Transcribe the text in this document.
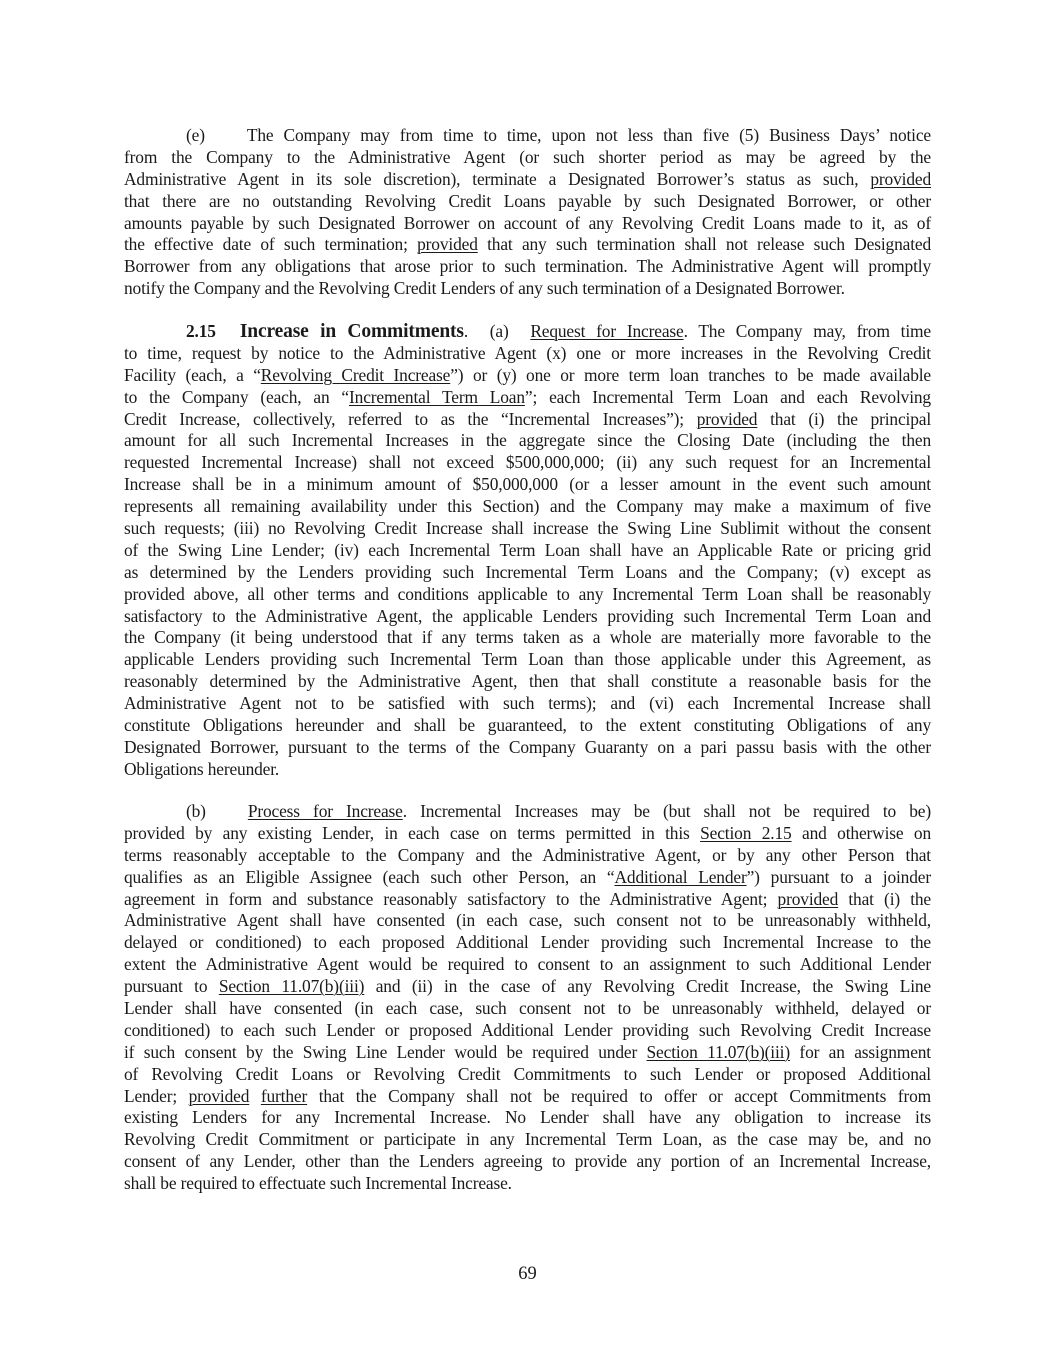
(e) The Company may from time to time, upon not less than five (5) Business Days’ notice
from the Company to the Administrative Agent (or such shorter period as may be agreed by the
Administrative Agent in its sole discretion), terminate a Designated Borrower’s status as such, provided
that there are no outstanding Revolving Credit Loans payable by such Designated Borrower, or other
amounts payable by such Designated Borrower on account of any Revolving Credit Loans made to it, as of
the effective date of such termination; provided that any such termination shall not release such Designated
Borrower from any obligations that arose prior to such termination. The Administrative Agent will promptly
notify the Company and the Revolving Credit Lenders of any such termination of a Designated Borrower.
2.15 Increase in Commitments. (a) Request for Increase. The Company may, from time
to time, request by notice to the Administrative Agent (x) one or more increases in the Revolving Credit
Facility (each, a “Revolving Credit Increase”) or (y) one or more term loan tranches to be made available
to the Company (each, an “Incremental Term Loan”; each Incremental Term Loan and each Revolving
Credit Increase, collectively, referred to as the “Incremental Increases”); provided that (i) the principal
amount for all such Incremental Increases in the aggregate since the Closing Date (including the then
requested Incremental Increase) shall not exceed $500,000,000; (ii) any such request for an Incremental
Increase shall be in a minimum amount of $50,000,000 (or a lesser amount in the event such amount
represents all remaining availability under this Section) and the Company may make a maximum of five
such requests; (iii) no Revolving Credit Increase shall increase the Swing Line Sublimit without the consent
of the Swing Line Lender; (iv) each Incremental Term Loan shall have an Applicable Rate or pricing grid
as determined by the Lenders providing such Incremental Term Loans and the Company; (v) except as
provided above, all other terms and conditions applicable to any Incremental Term Loan shall be reasonably
satisfactory to the Administrative Agent, the applicable Lenders providing such Incremental Term Loan and
the Company (it being understood that if any terms taken as a whole are materially more favorable to the
applicable Lenders providing such Incremental Term Loan than those applicable under this Agreement, as
reasonably determined by the Administrative Agent, then that shall constitute a reasonable basis for the
Administrative Agent not to be satisfied with such terms); and (vi) each Incremental Increase shall
constitute Obligations hereunder and shall be guaranteed, to the extent constituting Obligations of any
Designated Borrower, pursuant to the terms of the Company Guaranty on a pari passu basis with the other
Obligations hereunder.
(b) Process for Increase. Incremental Increases may be (but shall not be required to be)
provided by any existing Lender, in each case on terms permitted in this Section 2.15 and otherwise on
terms reasonably acceptable to the Company and the Administrative Agent, or by any other Person that
qualifies as an Eligible Assignee (each such other Person, an “Additional Lender”) pursuant to a joinder
agreement in form and substance reasonably satisfactory to the Administrative Agent; provided that (i) the
Administrative Agent shall have consented (in each case, such consent not to be unreasonably withheld,
delayed or conditioned) to each proposed Additional Lender providing such Incremental Increase to the
extent the Administrative Agent would be required to consent to an assignment to such Additional Lender
pursuant to Section 11.07(b)(iii) and (ii) in the case of any Revolving Credit Increase, the Swing Line
Lender shall have consented (in each case, such consent not to be unreasonably withheld, delayed or
conditioned) to each such Lender or proposed Additional Lender providing such Revolving Credit Increase
if such consent by the Swing Line Lender would be required under Section 11.07(b)(iii) for an assignment
of Revolving Credit Loans or Revolving Credit Commitments to such Lender or proposed Additional
Lender; provided further that the Company shall not be required to offer or accept Commitments from
existing Lenders for any Incremental Increase. No Lender shall have any obligation to increase its
Revolving Credit Commitment or participate in any Incremental Term Loan, as the case may be, and no
consent of any Lender, other than the Lenders agreeing to provide any portion of an Incremental Increase,
shall be required to effectuate such Incremental Increase.
69
